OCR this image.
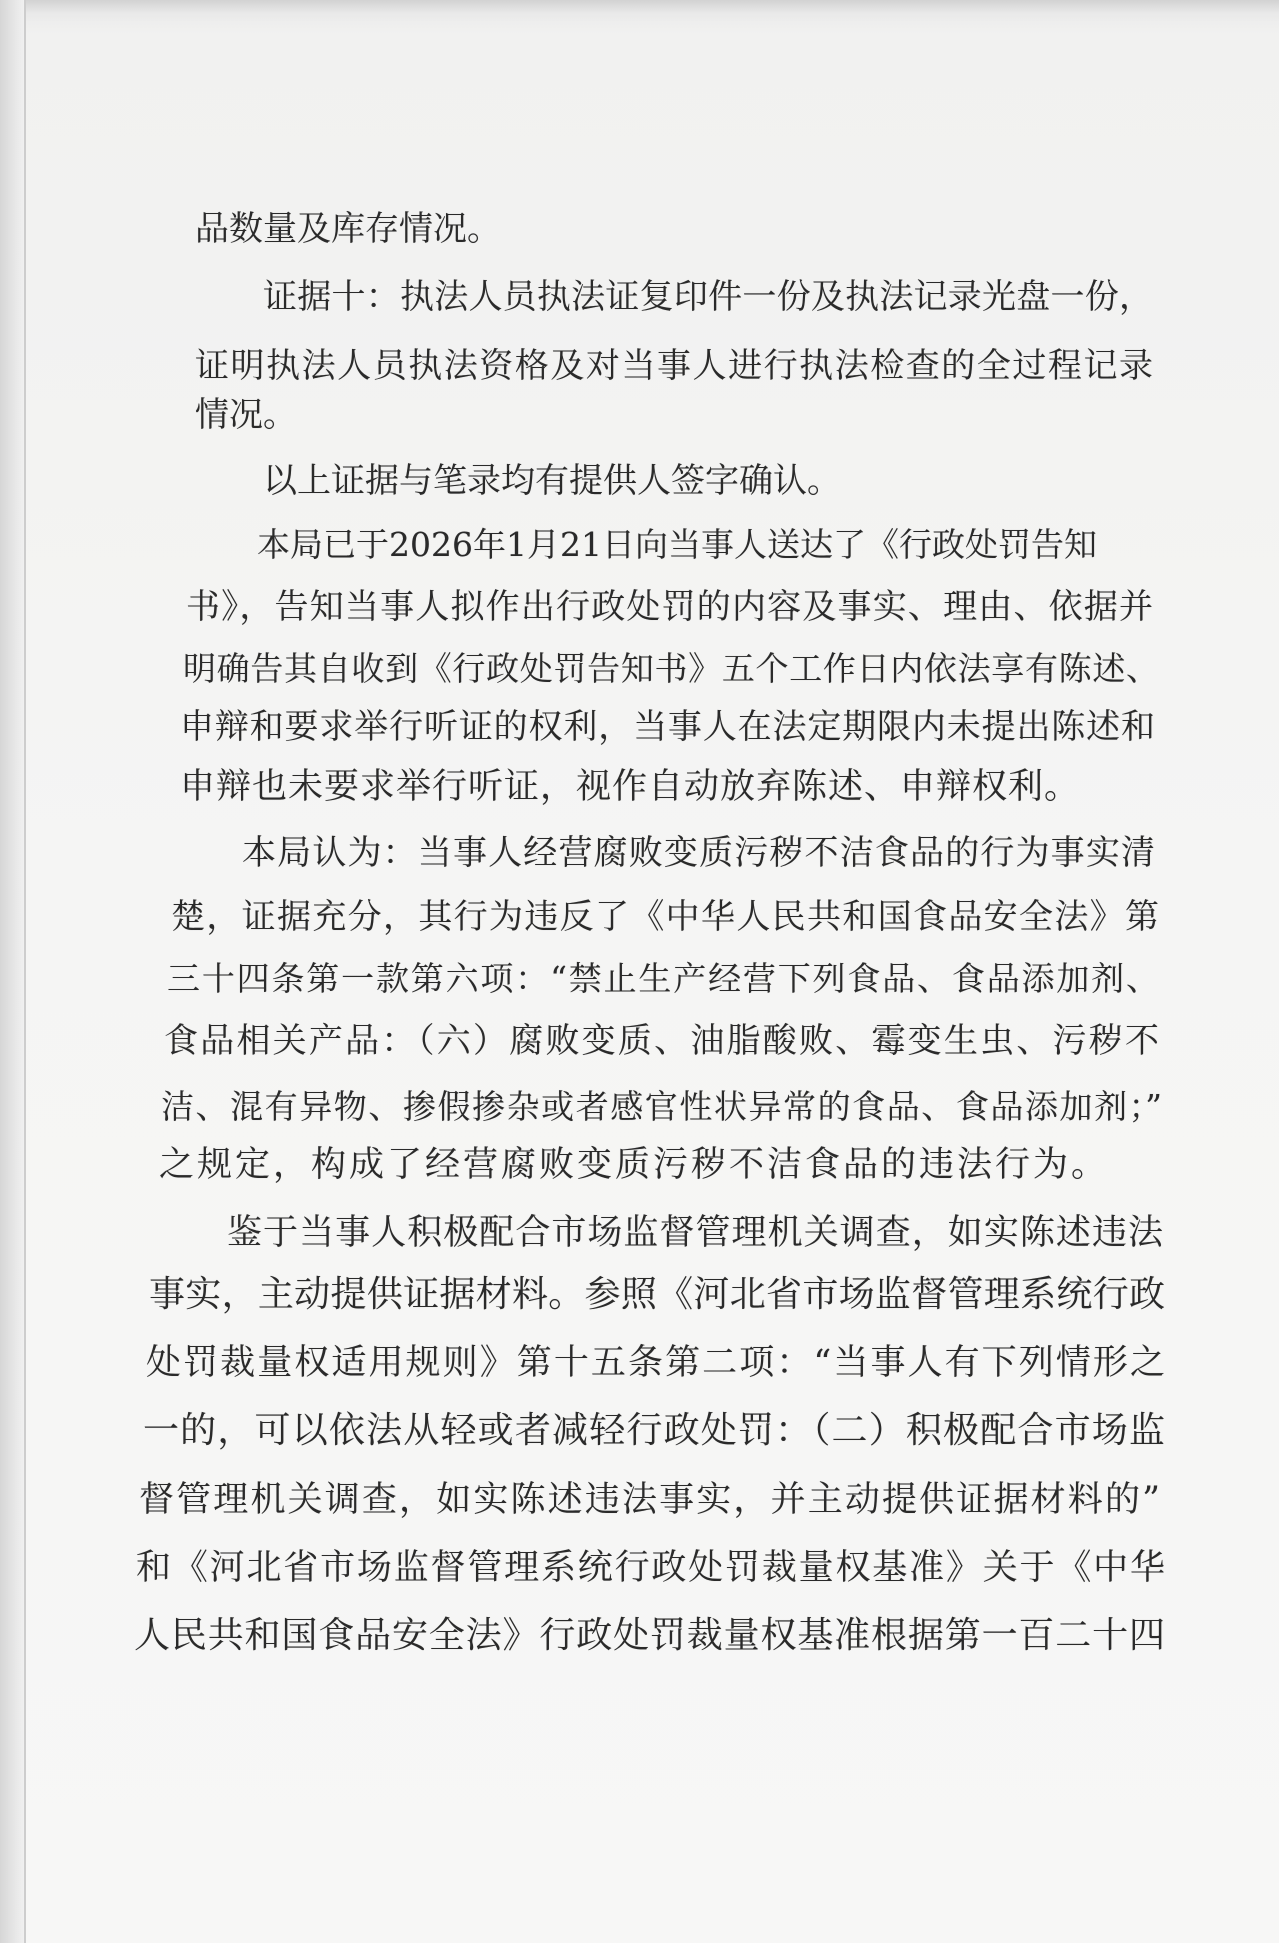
品数量及库存情况。
证据十：执法人员执法证复印件一份及执法记录光盘一份，
证明执法人员执法资格及对当事人进行执法检查的全过程记录
情况。
以上证据与笔录均有提供人签字确认。
本局已于2026年1月21日向当事人送达了《行政处罚告知
书》，告知当事人拟作出行政处罚的内容及事实、理由、依据并
明确告其自收到《行政处罚告知书》五个工作日内依法享有陈述、
申辩和要求举行听证的权利，当事人在法定期限内未提出陈述和
申辩也未要求举行听证，视作自动放弃陈述、申辩权利。
本局认为：当事人经营腐败变质污秽不洁食品的行为事实清
楚，证据充分，其行为违反了《中华人民共和国食品安全法》第
三十四条第一款第六项：“禁止生产经营下列食品、食品添加剂、
食品相关产品：（六）腐败变质、油脂酸败、霉变生虫、污秽不
洁、混有异物、掺假掺杂或者感官性状异常的食品、食品添加剂；”
之规定，构成了经营腐败变质污秽不洁食品的违法行为。
鉴于当事人积极配合市场监督管理机关调查，如实陈述违法
事实，主动提供证据材料。参照《河北省市场监督管理系统行政
处罚裁量权适用规则》第十五条第二项：“当事人有下列情形之
一的，可以依法从轻或者减轻行政处罚：（二）积极配合市场监
督管理机关调查，如实陈述违法事实，并主动提供证据材料的”
和《河北省市场监督管理系统行政处罚裁量权基准》关于《中华
人民共和国食品安全法》行政处罚裁量权基准根据第一百二十四
